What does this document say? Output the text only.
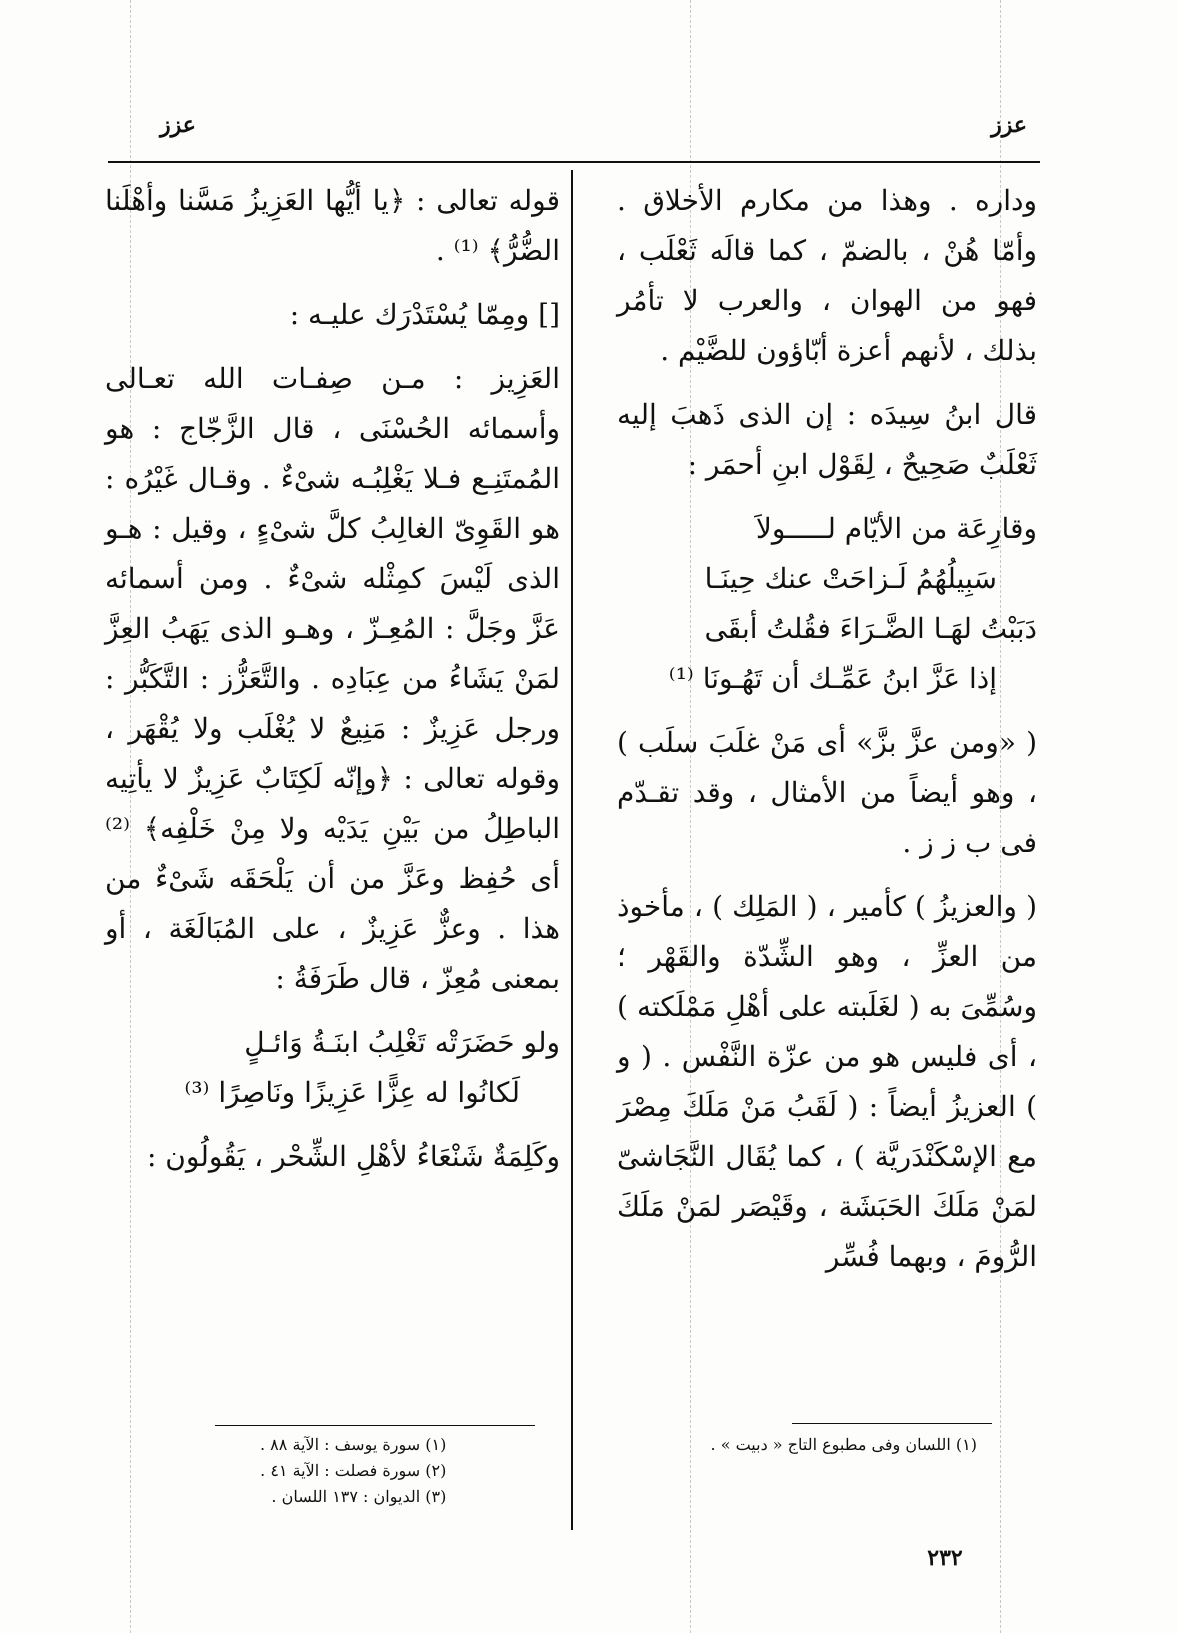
عزز
عزز

وداره . وهذا من مكارم الأخلاق . وأمّا هُنْ ، بالضمّ ، كما قالَه ثَعْلَب ، فهو من الهوان ، والعرب لا تأمُر بذلك ، لأنهم أعزة أبّاؤون للضَّيْم .

قال ابنُ سِيدَه : إن الذى ذَهبَ إليه ثَعْلَبٌ صَحِيحٌ ، لِقَوْل ابنِ أحمَر :

وقارِعَة من الأيّام لـــــولاَ
سَبِيلُهُمُ لَـزاحَتْ عنك حِينَـا
دَبَبْتُ لهَـا الضَّـرَاءَ فقُلتُ أبقَى
إذا عَزَّ ابنُ عَمِّـك أن تَهُـونَا ⁽¹⁾

( «ومن عزَّ بزَّ» أى مَنْ غلَبَ سلَب ) ، وهو أيضاً من الأمثال ، وقد تقـدّم فى ب ز ز .

( والعزيزُ ) كأمير ، ( المَلِك ) ، مأخوذ من العزِّ ، وهو الشِّدّة والقَهْر ؛ وسُمِّىَ به ( لغَلَبته على أهْلِ مَمْلَكته ) ، أى فليس هو من عزّة النَّفْس . ( و ) العزيزُ أيضاً : ( لَقَبُ مَنْ مَلَكَ مِصْرَ مع الإسْكَنْدَريَّة ) ، كما يُقَال النَّجَاشىّ لمَنْ مَلَكَ الحَبَشَة ، وقَيْصَر لمَنْ مَلَكَ الرُّومَ ، وبهما فُسِّر

(١) اللسان وفى مطبوع التاج « دبيت » .

قوله تعالى : ﴿يا أيُّها العَزِيزُ مَسَّنا وأهْلَنا الضُّرُّ﴾ ⁽¹⁾ .

[] ومِمّا يُسْتَدْرَك عليـه :

العَزِيز : مـن صِفـات الله تعـالى وأسمائه الحُسْنَى ، قال الزَّجّاج : هو المُمتَنِـع فـلا يَغْلِبُـه شىْءٌ . وقـال غَيْرُه : هو القَوِىّ الغالِبُ كلَّ شىْءٍ ، وقيل : هـو الذى لَيْسَ كمِثْله شىْءٌ . ومن أسمائه عَزَّ وجَلَّ : المُعِـزّ ، وهـو الذى يَهَبُ العِزَّ لمَنْ يَشَاءُ من عِبَادِه . والتَّعَزُّز : التَّكَبُّر : ورجل عَزِيزٌ : مَنِيعٌ لا يُغْلَب ولا يُقْهَر ، وقوله تعالى : ﴿وإنّه لَكِتَابٌ عَزِيزٌ لا يأتِيه الباطِلُ من بَيْنِ يَدَيْه ولا مِنْ خَلْفِه﴾ ⁽²⁾ أى حُفِظ وعَزَّ من أن يَلْحَقَه شَىْءٌ من هذا . وعزٌّ عَزِيزٌ ، على المُبَالَغَة ، أو بمعنى مُعِزّ ، قال طَرَفَةُ :

ولو حَضَرَتْه تَغْلِبُ ابنَـةُ وَائـلٍ
لَكانُوا له عِزًّا عَزِيزًا ونَاصِرًا ⁽³⁾

وكَلِمَةٌ شَنْعَاءُ لأهْلِ الشِّحْر ، يَقُولُون :

(١) سورة يوسف : الآية ٨٨ .
(٢) سورة فصلت : الآية ٤١ .
(٣) الديوان : ١٣٧ اللسان .
٢٣٢
